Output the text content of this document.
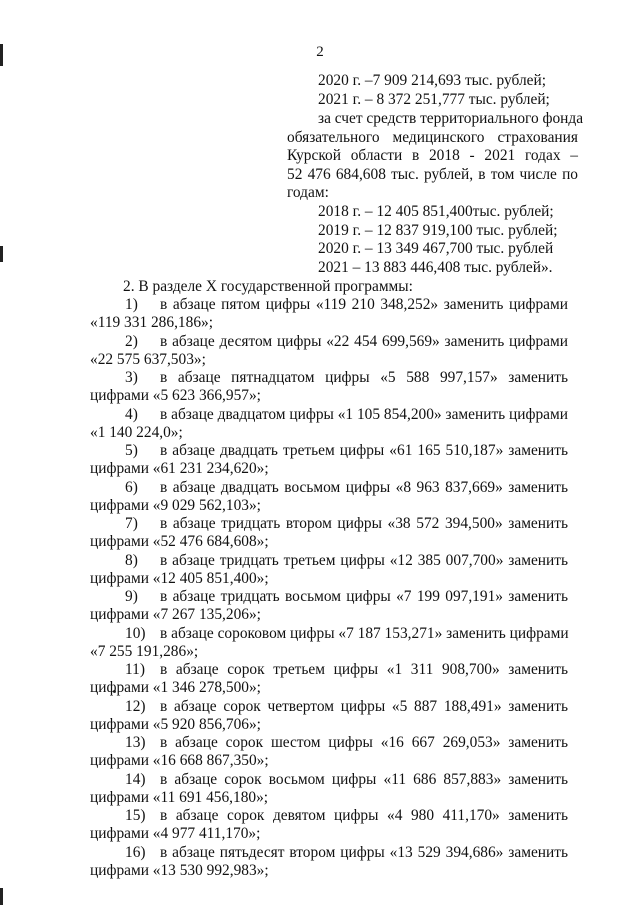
2
2020 г. –7 909 214,693 тыс. рублей;
2021 г. – 8 372 251,777 тыс. рублей;
за счет средств территориального фонда
обязательного медицинского страхования
Курской области в 2018 - 2021 годах –
52 476 684,608 тыс. рублей, в том числе по
годам:
2018 г. – 12 405 851,400тыс. рублей;
2019 г. – 12 837 919,100 тыс. рублей;
2020 г. – 13 349 467,700 тыс. рублей
2021 – 13 883 446,408 тыс. рублей».
2. В разделе X государственной программы:
1) в абзаце пятом цифры «119 210 348,252» заменить цифрами
«119 331 286,186»;
2) в абзаце десятом цифры «22 454 699,569» заменить цифрами
«22 575 637,503»;
3) в абзаце пятнадцатом цифры «5 588 997,157» заменить
цифрами «5 623 366,957»;
4) в абзаце двадцатом цифры «1 105 854,200» заменить цифрами
«1 140 224,0»;
5) в абзаце двадцать третьем цифры «61 165 510,187» заменить
цифрами «61 231 234,620»;
6) в абзаце двадцать восьмом цифры «8 963 837,669» заменить
цифрами «9 029 562,103»;
7) в абзаце тридцать втором цифры «38 572 394,500» заменить
цифрами «52 476 684,608»;
8) в абзаце тридцать третьем цифры «12 385 007,700» заменить
цифрами «12 405 851,400»;
9) в абзаце тридцать восьмом цифры «7 199 097,191» заменить
цифрами «7 267 135,206»;
10) в абзаце сороковом цифры «7 187 153,271» заменить цифрами
«7 255 191,286»;
11) в абзаце сорок третьем цифры «1 311 908,700» заменить
цифрами «1 346 278,500»;
12) в абзаце сорок четвертом цифры «5 887 188,491» заменить
цифрами «5 920 856,706»;
13) в абзаце сорок шестом цифры «16 667 269,053» заменить
цифрами «16 668 867,350»;
14) в абзаце сорок восьмом цифры «11 686 857,883» заменить
цифрами «11 691 456,180»;
15) в абзаце сорок девятом цифры «4 980 411,170» заменить
цифрами «4 977 411,170»;
16) в абзаце пятьдесят втором цифры «13 529 394,686» заменить
цифрами «13 530 992,983»;
